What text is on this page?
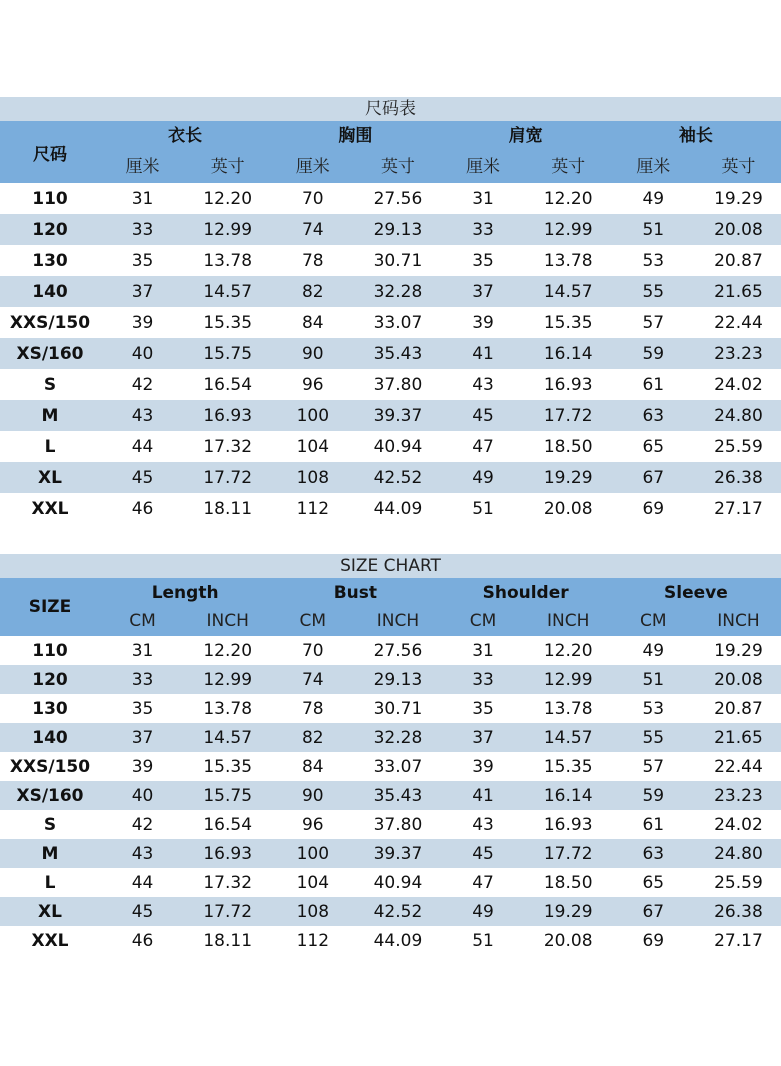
尺码表
尺码
衣长	胸围	肩宽	袖长
厘米	英寸	厘米	英寸	厘米	英寸	厘米	英寸
110	31	12.20	70	27.56	31	12.20	49	19.29
120	33	12.99	74	29.13	33	12.99	51	20.08
130	35	13.78	78	30.71	35	13.78	53	20.87
140	37	14.57	82	32.28	37	14.57	55	21.65
XXS/150	39	15.35	84	33.07	39	15.35	57	22.44
XS/160	40	15.75	90	35.43	41	16.14	59	23.23
S	42	16.54	96	37.80	43	16.93	61	24.02
M	43	16.93	100	39.37	45	17.72	63	24.80
L	44	17.32	104	40.94	47	18.50	65	25.59
XL	45	17.72	108	42.52	49	19.29	67	26.38
XXL	46	18.11	112	44.09	51	20.08	69	27.17
SIZE CHART
SIZE
Length	Bust	Shoulder	Sleeve
CM	INCH	CM	INCH	CM	INCH	CM	INCH
110	31	12.20	70	27.56	31	12.20	49	19.29
120	33	12.99	74	29.13	33	12.99	51	20.08
130	35	13.78	78	30.71	35	13.78	53	20.87
140	37	14.57	82	32.28	37	14.57	55	21.65
XXS/150	39	15.35	84	33.07	39	15.35	57	22.44
XS/160	40	15.75	90	35.43	41	16.14	59	23.23
S	42	16.54	96	37.80	43	16.93	61	24.02
M	43	16.93	100	39.37	45	17.72	63	24.80
L	44	17.32	104	40.94	47	18.50	65	25.59
XL	45	17.72	108	42.52	49	19.29	67	26.38
XXL	46	18.11	112	44.09	51	20.08	69	27.17
